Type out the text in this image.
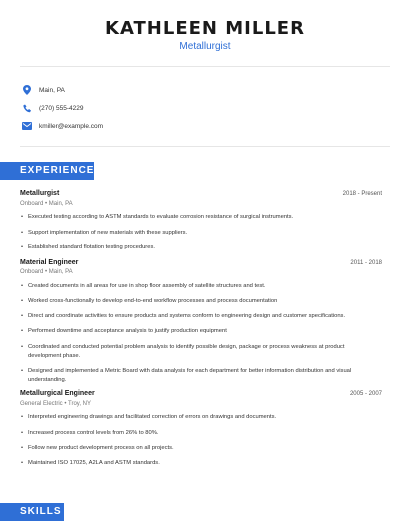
KATHLEEN MILLER
Metallurgist
Main, PA
(270) 555-4229
kmiller@example.com
EXPERIENCE
Metallurgist	2018 - Present
Onboard • Main, PA
• Executed testing according to ASTM standards to evaluate corrosion resistance of surgical instruments.
• Support implementation of new materials with these suppliers.
• Established standard flotation testing procedures.
Material Engineer	2011 - 2018
Onboard • Main, PA
• Created documents in all areas for use in shop floor assembly of satellite structures and test.
• Worked cross-functionally to develop end-to-end workflow processes and process documentation
• Direct and coordinate activities to ensure products and systems conform to engineering design and customer specifications.
• Performed downtime and acceptance analysis to justify production equipment
• Coordinated and conducted potential problem analysis to identify possible design, package or process weakness at product development phase.
• Designed and implemented a Metric Board with data analysis for each department for better information distribution and visual understanding.
Metallurgical Engineer	2005 - 2007
General Electric • Troy, NY
• Interpreted engineering drawings and facilitated correction of errors on drawings and documents.
• Increased process control levels from 26% to 80%.
• Follow new product development process on all projects.
• Maintained ISO 17025, A2LA and ASTM standards.
SKILLS
